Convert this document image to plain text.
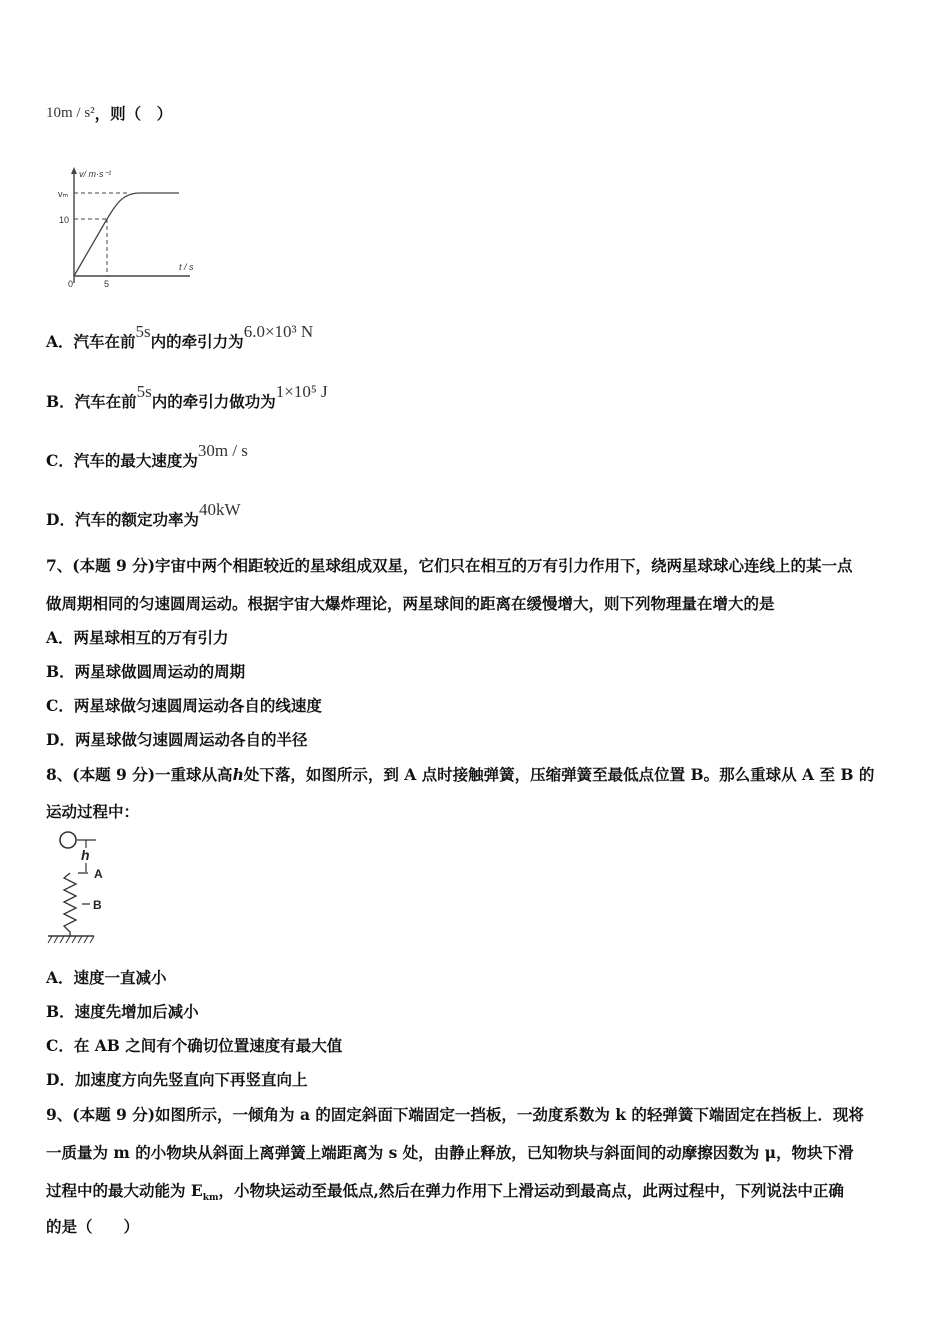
10m / s²，则（　）
v/ m·s⁻¹
vₘ
10
0	5
t / s
A．汽车在前5s内的牵引力为6.0×10³ N
B．汽车在前5s内的牵引力做功为1×10⁵ J
C．汽车的最大速度为30m / s
D．汽车的额定功率为40kW
7、(本题 9 分)宇宙中两个相距较近的星球组成双星，它们只在相互的万有引力作用下，绕两星球球心连线上的某一点
做周期相同的匀速圆周运动。根据宇宙大爆炸理论，两星球间的距离在缓慢增大，则下列物理量在增大的是
A．两星球相互的万有引力
B．两星球做圆周运动的周期
C．两星球做匀速圆周运动各自的线速度
D．两星球做匀速圆周运动各自的半径
8、(本题 9 分)一重球从高h处下落，如图所示，到 A 点时接触弹簧，压缩弹簧至最低点位置 B。那么重球从 A 至 B 的
运动过程中：
h
A
B
A．速度一直减小
B．速度先增加后减小
C．在 AB 之间有个确切位置速度有最大值
D．加速度方向先竖直向下再竖直向上
9、(本题 9 分)如图所示，一倾角为 a 的固定斜面下端固定一挡板，一劲度系数为 k 的轻弹簧下端固定在挡板上．现将
一质量为 m 的小物块从斜面上离弹簧上端距离为 s 处，由静止释放，已知物块与斜面间的动摩擦因数为 μ，物块下滑
过程中的最大动能为 $E_{km}$，小物块运动至最低点,然后在弹力作用下上滑运动到最高点，此两过程中，下列说法中正确
的是（　　）
